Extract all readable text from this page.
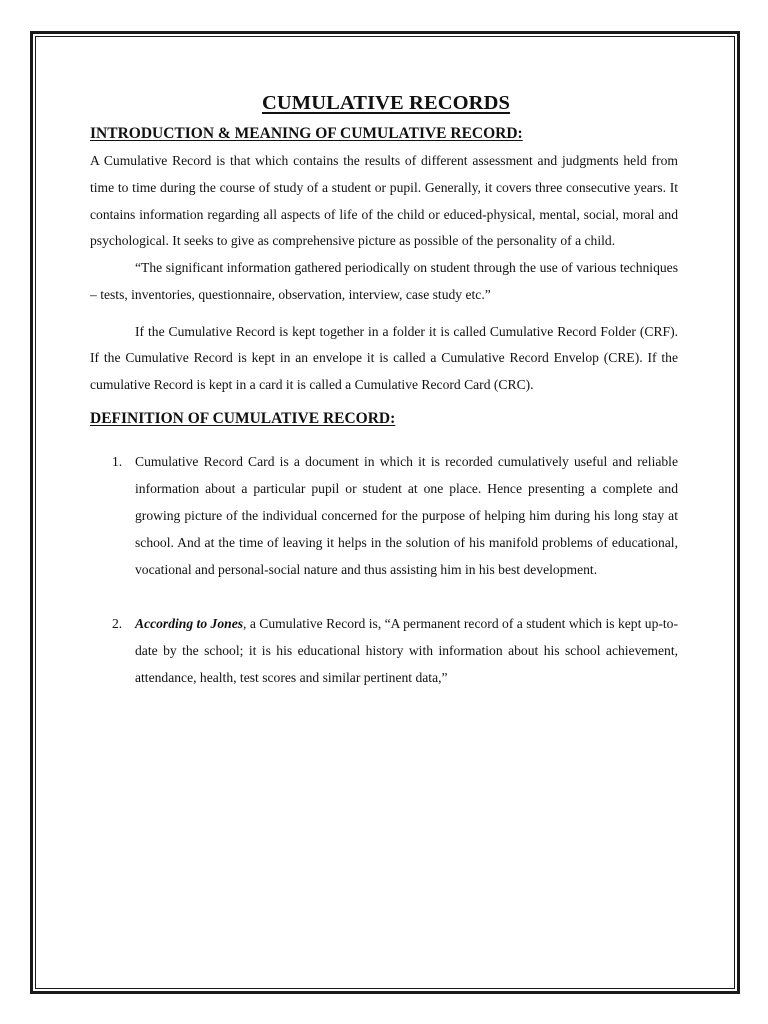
CUMULATIVE RECORDS
INTRODUCTION & MEANING OF CUMULATIVE RECORD:

A Cumulative Record is that which contains the results of different assessment and judgments held from time to time during the course of study of a student or pupil. Generally, it covers three consecutive years. It contains information regarding all aspects of life of the child or educed-physical, mental, social, moral and psychological. It seeks to give as comprehensive picture as possible of the personality of a child.

“The significant information gathered periodically on student through the use of various techniques – tests, inventories, questionnaire, observation, interview, case study etc.”

If the Cumulative Record is kept together in a folder it is called Cumulative Record Folder (CRF). If the Cumulative Record is kept in an envelope it is called a Cumulative Record Envelop (CRE). If the cumulative Record is kept in a card it is called a Cumulative Record Card (CRC).

DEFINITION OF CUMULATIVE RECORD:
1. Cumulative Record Card is a document in which it is recorded cumulatively useful and reliable information about a particular pupil or student at one place. Hence presenting a complete and growing picture of the individual concerned for the purpose of helping him during his long stay at school. And at the time of leaving it helps in the solution of his manifold problems of educational, vocational and personal-social nature and thus assisting him in his best development.
2. According to Jones, a Cumulative Record is, “A permanent record of a student which is kept up-to-date by the school; it is his educational history with information about his school achievement, attendance, health, test scores and similar pertinent data,”
